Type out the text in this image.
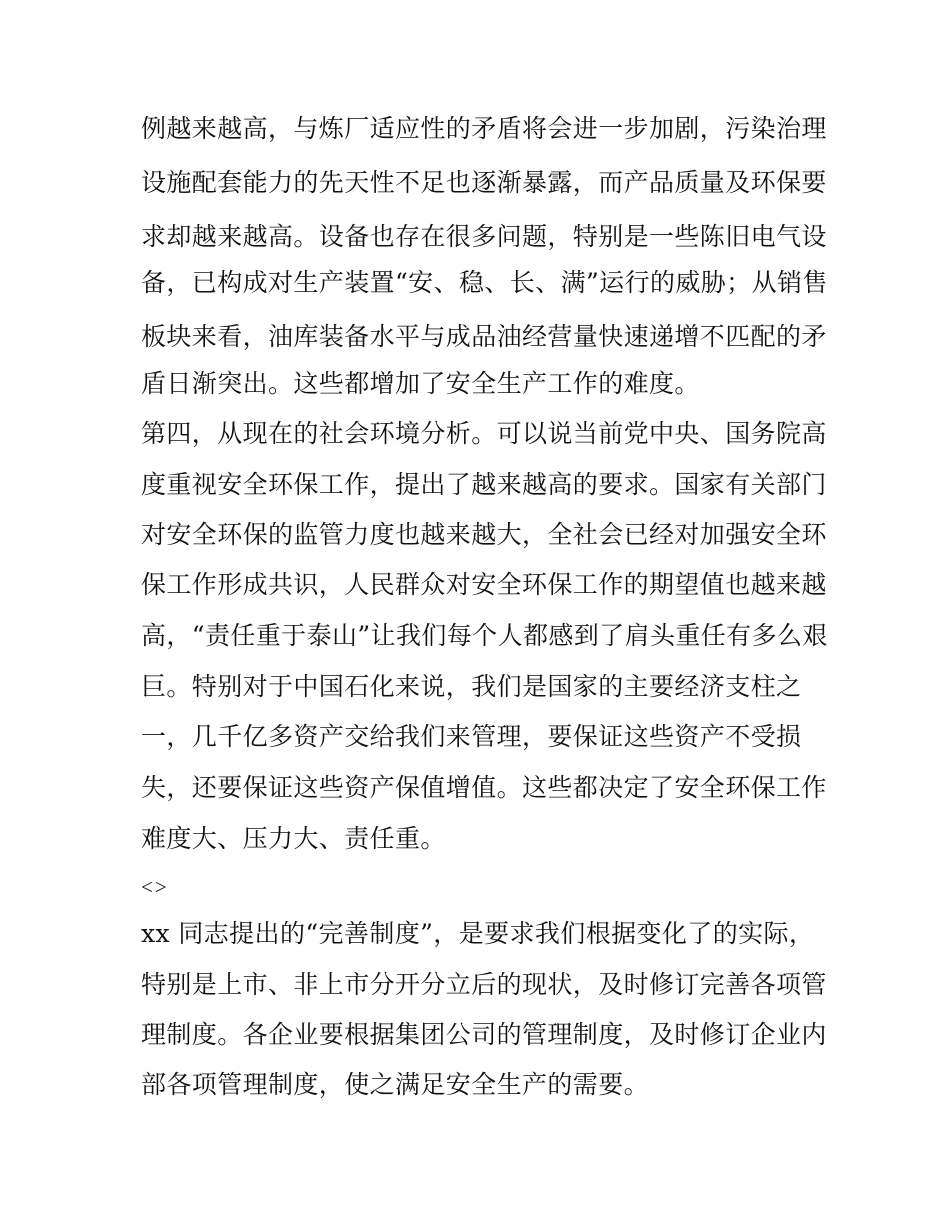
例越来越高，与炼厂适应性的矛盾将会进一步加剧，污染治理
设施配套能力的先天性不足也逐渐暴露，而产品质量及环保要
求却越来越高。设备也存在很多问题，特别是一些陈旧电气设
备，已构成对生产装置“安、稳、长、满”运行的威胁；从销售
板块来看，油库装备水平与成品油经营量快速递增不匹配的矛
盾日渐突出。这些都增加了安全生产工作的难度。
第四，从现在的社会环境分析。可以说当前党中央、国务院高
度重视安全环保工作，提出了越来越高的要求。国家有关部门
对安全环保的监管力度也越来越大，全社会已经对加强安全环
保工作形成共识，人民群众对安全环保工作的期望值也越来越
高，“责任重于泰山”让我们每个人都感到了肩头重任有多么艰
巨。特别对于中国石化来说，我们是国家的主要经济支柱之
一，几千亿多资产交给我们来管理，要保证这些资产不受损
失，还要保证这些资产保值增值。这些都决定了安全环保工作
难度大、压力大、责任重。
<>
xx 同志提出的“完善制度”，是要求我们根据变化了的实际，
特别是上市、非上市分开分立后的现状，及时修订完善各项管
理制度。各企业要根据集团公司的管理制度，及时修订企业内
部各项管理制度，使之满足安全生产的需要。
